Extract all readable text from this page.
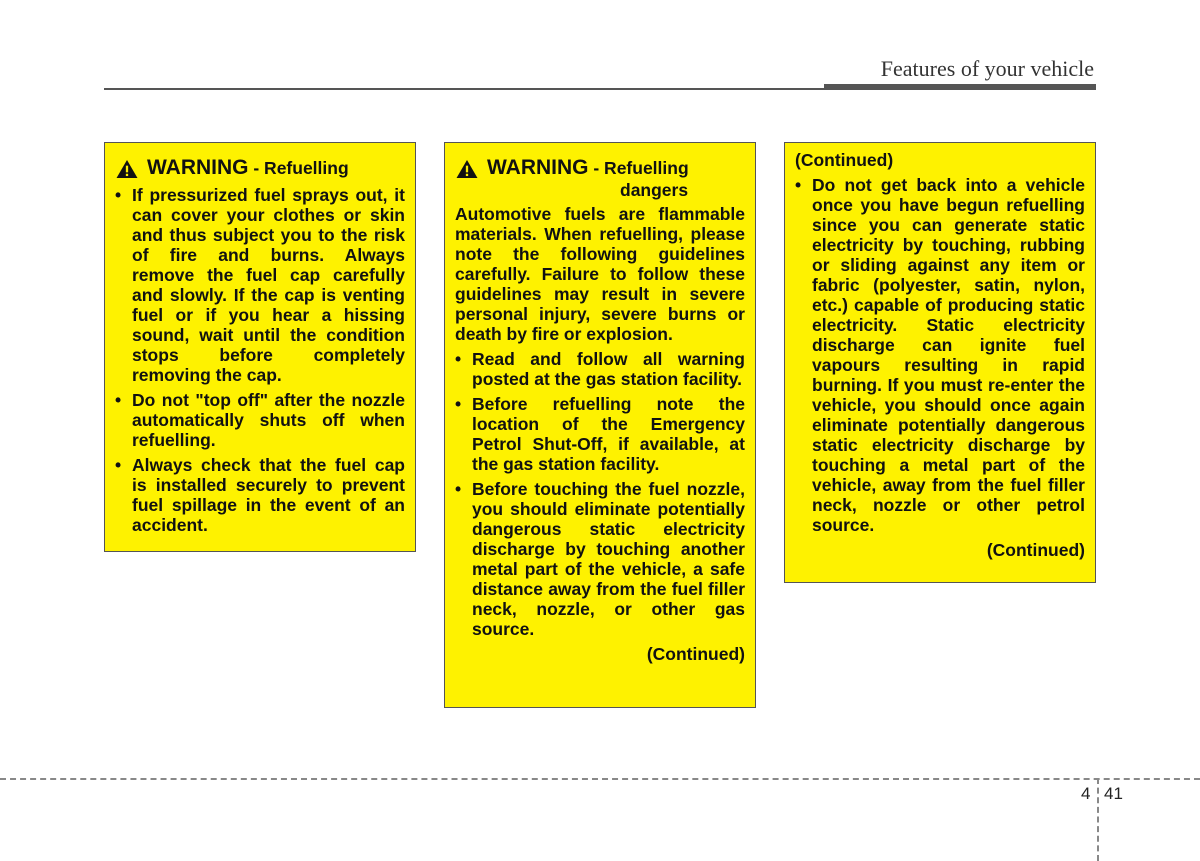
Features of your vehicle
WARNING - Refuelling
• If pressurized fuel sprays out, it can cover your clothes or skin and thus subject you to the risk of fire and burns. Always remove the fuel cap carefully and slowly. If the cap is venting fuel or if you hear a hissing sound, wait until the condition stops before completely removing the cap.
• Do not "top off" after the nozzle automatically shuts off when refuelling.
• Always check that the fuel cap is installed securely to prevent fuel spillage in the event of an accident.
WARNING - Refuelling
dangers
Automotive fuels are flammable materials. When refuelling, please note the following guidelines carefully. Failure to follow these guidelines may result in severe personal injury, severe burns or death by fire or explosion.
• Read and follow all warning posted at the gas station facility.
• Before refuelling note the location of the Emergency Petrol Shut-Off, if available, at the gas station facility.
• Before touching the fuel nozzle, you should eliminate potentially dangerous static electricity discharge by touching another metal part of the vehicle, a safe distance away from the fuel filler neck, nozzle, or other gas source.
(Continued)
(Continued)
• Do not get back into a vehicle once you have begun refuelling since you can generate static electricity by touching, rubbing or sliding against any item or fabric (polyester, satin, nylon, etc.) capable of producing static electricity. Static electricity discharge can ignite fuel vapours resulting in rapid burning. If you must re-enter the vehicle, you should once again eliminate potentially dangerous static electricity discharge by touching a metal part of the vehicle, away from the fuel filler neck, nozzle or other petrol source.
(Continued)
4 41
